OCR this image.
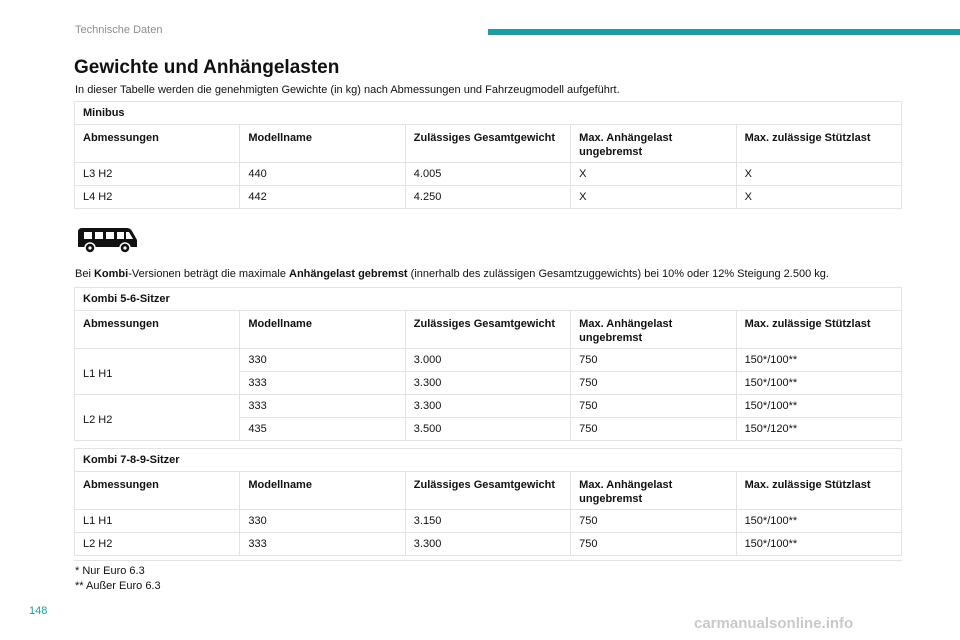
Technische Daten
Gewichte und Anhängelasten

In dieser Tabelle werden die genehmigten Gewichte (in kg) nach Abmessungen und Fahrzeugmodell aufgeführt.

Minibus				
Abmessungen	Modellname	Zulässiges Gesamtgewicht	Max. Anhängelast ungebremst	Max. zulässige Stützlast
L3 H2	440	4.005	X	X
L4 H2	442	4.250	X	X

Bei Kombi-Versionen beträgt die maximale Anhängelast gebremst (innerhalb des zulässigen Gesamtzuggewichts) bei 10% oder 12% Steigung 2.500 kg.

Kombi 5-6-Sitzer				
Abmessungen	Modellname	Zulässiges Gesamtgewicht	Max. Anhängelast ungebremst	Max. zulässige Stützlast
L1 H1	330	3.000	750	150*/100**
	333	3.300	750	150*/100**
L2 H2	333	3.300	750	150*/100**
	435	3.500	750	150*/120**
Kombi 7-8-9-Sitzer				
Abmessungen	Modellname	Zulässiges Gesamtgewicht	Max. Anhängelast ungebremst	Max. zulässige Stützlast
L1 H1	330	3.150	750	150*/100**
L2 H2	333	3.300	750	150*/100**

* Nur Euro 6.3

** Außer Euro 6.3

148
carmanualsonline.info
